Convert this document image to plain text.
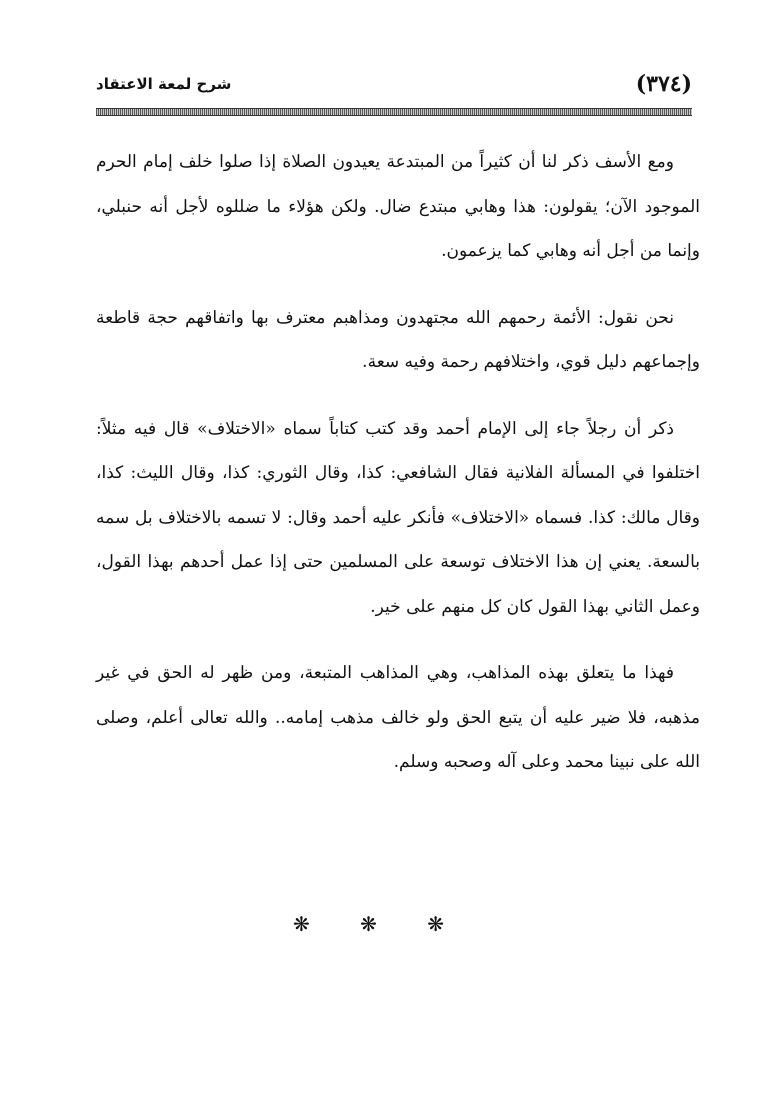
(٣٧٤)
شرح لمعة الاعتقاد

ومع الأسف ذكر لنا أن كثيراً من المبتدعة يعيدون الصلاة إذا صلوا خلف إمام الحرم الموجود الآن؛ يقولون: هذا وهابي مبتدع ضال. ولكن هؤلاء ما ضللوه لأجل أنه حنبلي، وإنما من أجل أنه وهابي كما يزعمون.

نحن نقول: الأئمة رحمهم الله مجتهدون ومذاهبم معترف بها واتفاقهم حجة قاطعة وإجماعهم دليل قوي، واختلافهم رحمة وفيه سعة.

ذكر أن رجلاً جاء إلى الإمام أحمد وقد كتب كتاباً سماه «الاختلاف» قال فيه مثلاً: اختلفوا في المسألة الفلانية فقال الشافعي: كذا، وقال الثوري: كذا، وقال الليث: كذا، وقال مالك: كذا. فسماه «الاختلاف» فأنكر عليه أحمد وقال: لا تسمه بالاختلاف بل سمه بالسعة. يعني إن هذا الاختلاف توسعة على المسلمين حتى إذا عمل أحدهم بهذا القول، وعمل الثاني بهذا القول كان كل منهم على خير.

فهذا ما يتعلق بهذه المذاهب، وهي المذاهب المتبعة، ومن ظهر له الحق في غير مذهبه، فلا ضير عليه أن يتبع الحق ولو خالف مذهب إمامه.. والله تعالى أعلم، وصلى الله على نبينا محمد وعلى آله وصحبه وسلم.

❋ ❋ ❋
